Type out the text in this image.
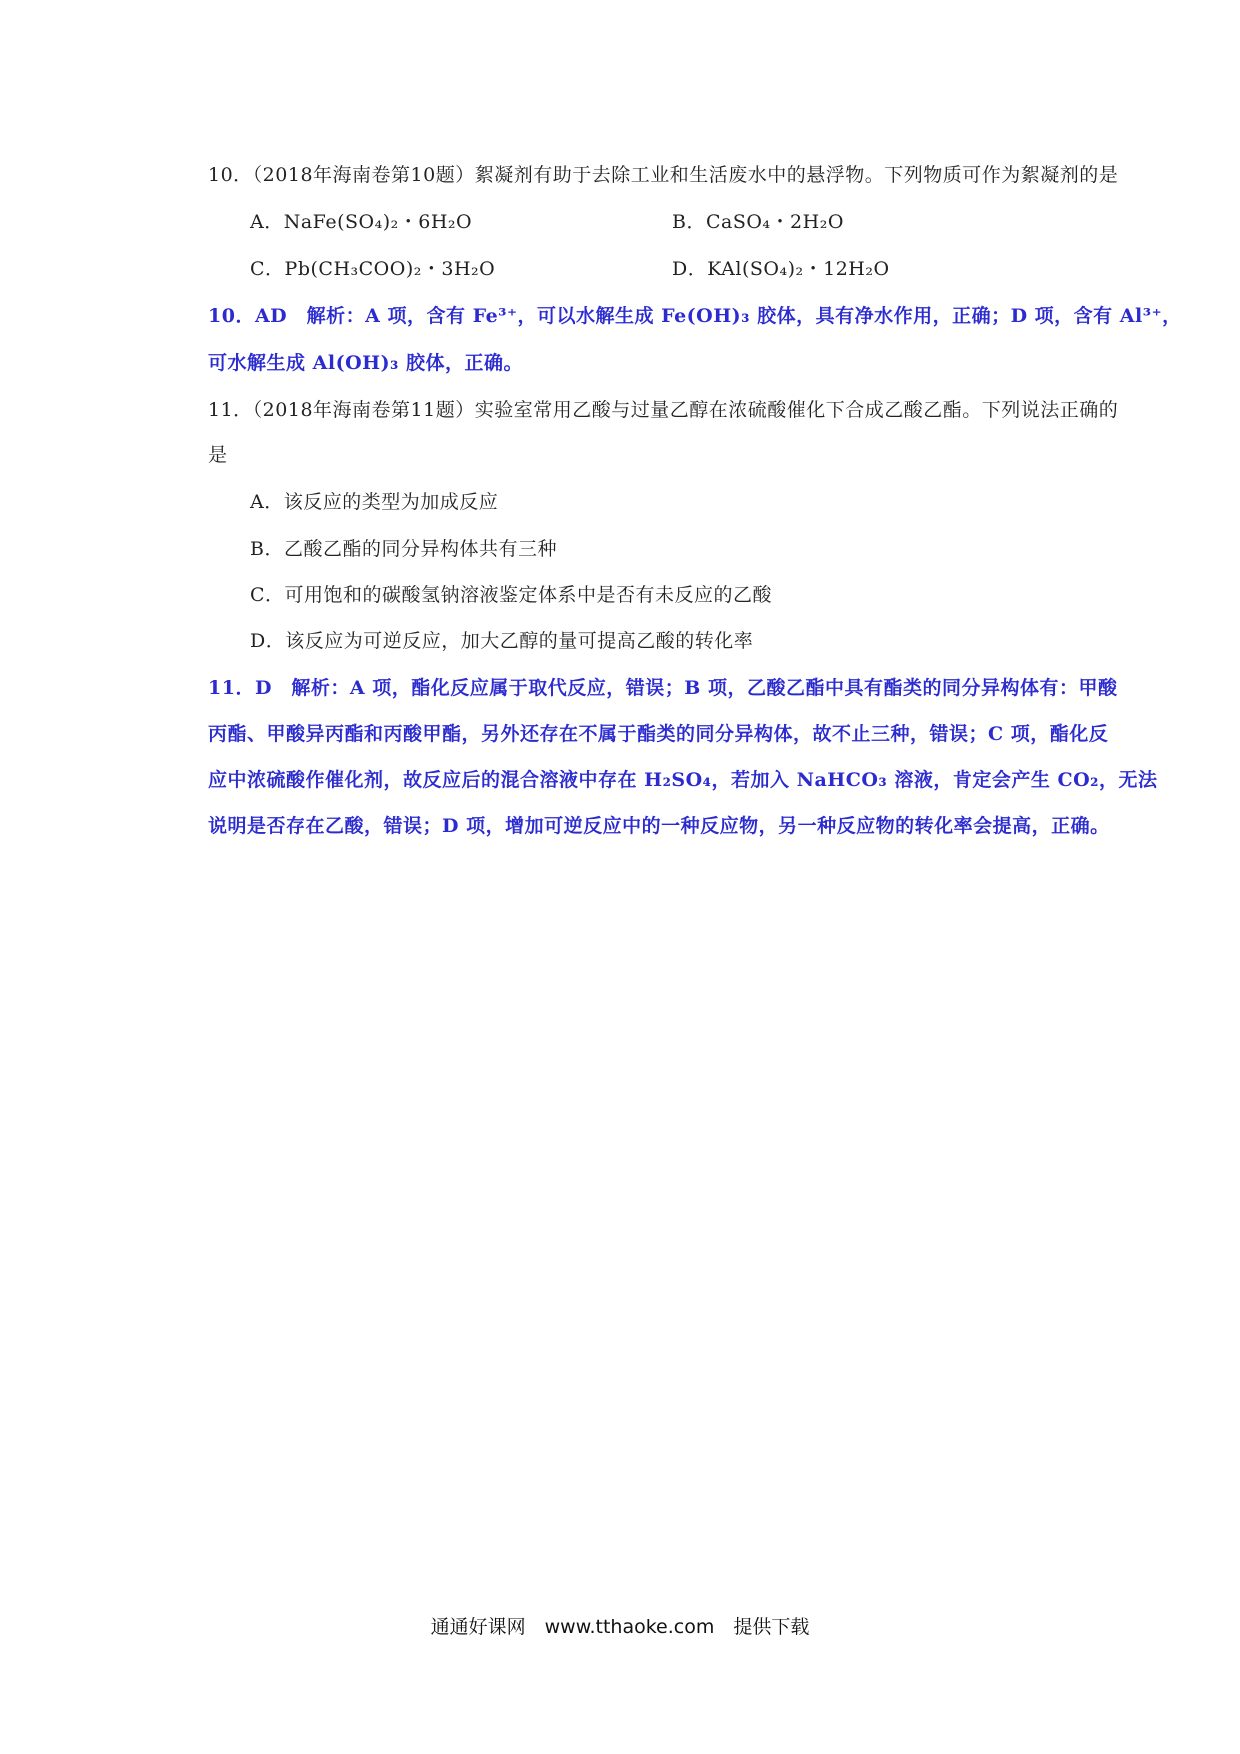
10．（2018年海南卷第10题）絮凝剂有助于去除工业和生活废水中的悬浮物。下列物质可作为絮凝剂的是
A．NaFe(SO₄)₂・6H₂O	B．CaSO₄・2H₂O
C．Pb(CH₃COO)₂・3H₂O	D．KAl(SO₄)₂・12H₂O
10．AD　解析：A 项，含有 Fe³⁺，可以水解生成 Fe(OH)₃ 胶体，具有净水作用，正确；D 项，含有 Al³⁺，
可水解生成 Al(OH)₃ 胶体，正确。
11．（2018年海南卷第11题）实验室常用乙酸与过量乙醇在浓硫酸催化下合成乙酸乙酯。下列说法正确的
是
A．该反应的类型为加成反应
B．乙酸乙酯的同分异构体共有三种
C．可用饱和的碳酸氢钠溶液鉴定体系中是否有未反应的乙酸
D．该反应为可逆反应，加大乙醇的量可提高乙酸的转化率
11．D　解析：A 项，酯化反应属于取代反应，错误；B 项，乙酸乙酯中具有酯类的同分异构体有：甲酸
丙酯、甲酸异丙酯和丙酸甲酯，另外还存在不属于酯类的同分异构体，故不止三种，错误；C 项，酯化反
应中浓硫酸作催化剂，故反应后的混合溶液中存在 H₂SO₄，若加入 NaHCO₃ 溶液，肯定会产生 CO₂，无法
说明是否存在乙酸，错误；D 项，增加可逆反应中的一种反应物，另一种反应物的转化率会提高，正确。
通通好课网　www.tthaoke.com　提供下载
